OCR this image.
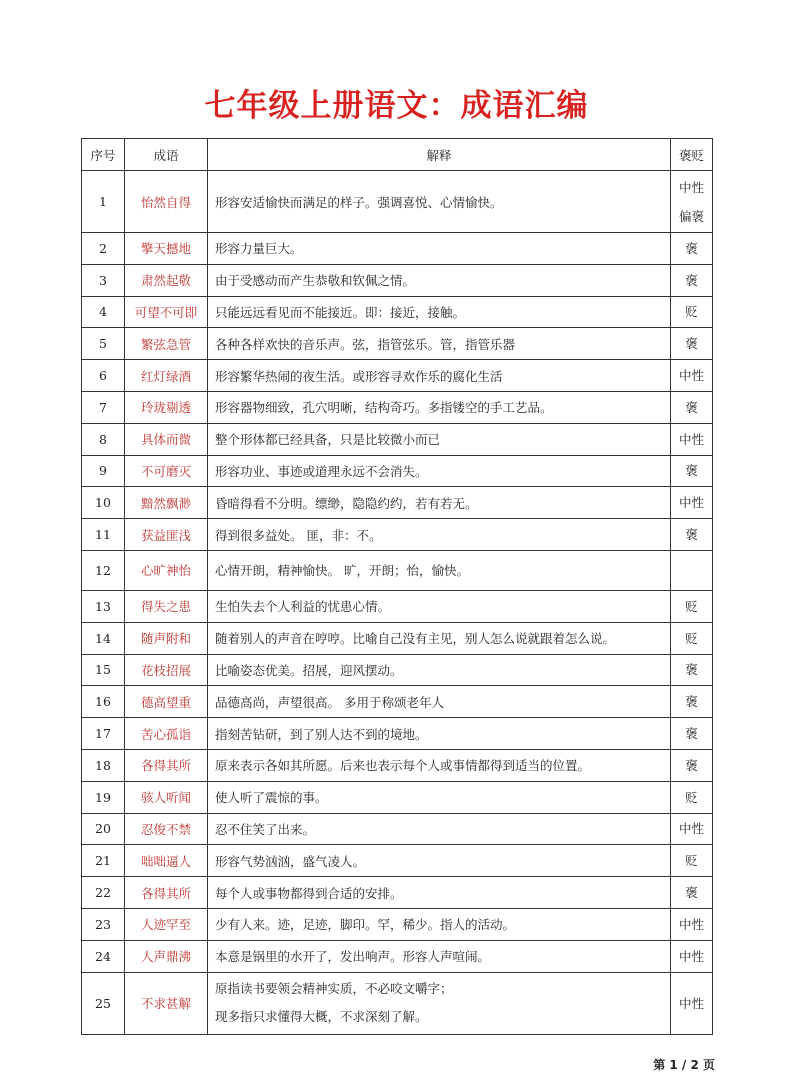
七年级上册语文：成语汇编
序号	成语	解释	褒贬
1	怡然自得	形容安适愉快而满足的样子。强调喜悦、心情愉快。	中性
偏褒

2	擎天撼地	形容力量巨大。	褒

3	肃然起敬	由于受感动而产生恭敬和钦佩之情。	褒

4	可望不可即	只能远远看见而不能接近。即：接近，接触。	贬

5	繁弦急管	各种各样欢快的音乐声。弦，指管弦乐。管，指管乐器	褒

6	红灯绿酒	形容繁华热闹的夜生活。或形容寻欢作乐的腐化生活	中性

7	玲珑剔透	形容器物细致，孔穴明晰，结构奇巧。多指镂空的手工艺品。	褒

8	具体而微	整个形体都已经具备，只是比较微小而已	中性

9	不可磨灭	形容功业、事迹或道理永远不会消失。	褒

10	黯然飘渺	昏暗得看不分明。缥缈，隐隐约约，若有若无。	中性

11	获益匪浅	得到很多益处。 匪，非：不。	褒

12	心旷神怡	心情开朗，精神愉快。 旷，开朗；怡，愉快。	

13	得失之患	生怕失去个人利益的忧患心情。	贬

14	随声附和	随着别人的声音在哼哼。比喻自己没有主见，别人怎么说就跟着怎么说。	贬

15	花枝招展	比喻姿态优美。招展，迎风摆动。	褒

16	德高望重	品德高尚，声望很高。 多用于称颂老年人	褒

17	苦心孤诣	指刻苦钻研，到了别人达不到的境地。	褒

18	各得其所	原来表示各如其所愿。后来也表示每个人或事情都得到适当的位置。	褒

19	骇人听闻	使人听了震惊的事。	贬

20	忍俊不禁	忍不住笑了出来。	中性

21	咄咄逼人	形容气势汹汹，盛气凌人。	贬

22	各得其所	每个人或事物都得到合适的安排。	褒

23	人迹罕至	少有人来。迹，足迹，脚印。罕，稀少。指人的活动。	中性

24	人声鼎沸	本意是锅里的水开了，发出响声。形容人声喧闹。	中性

25	不求甚解	原指读书要领会精神实质，不必咬文嚼字；
现多指只求懂得大概，不求深刻了解。	中性
第 1 / 2 页
